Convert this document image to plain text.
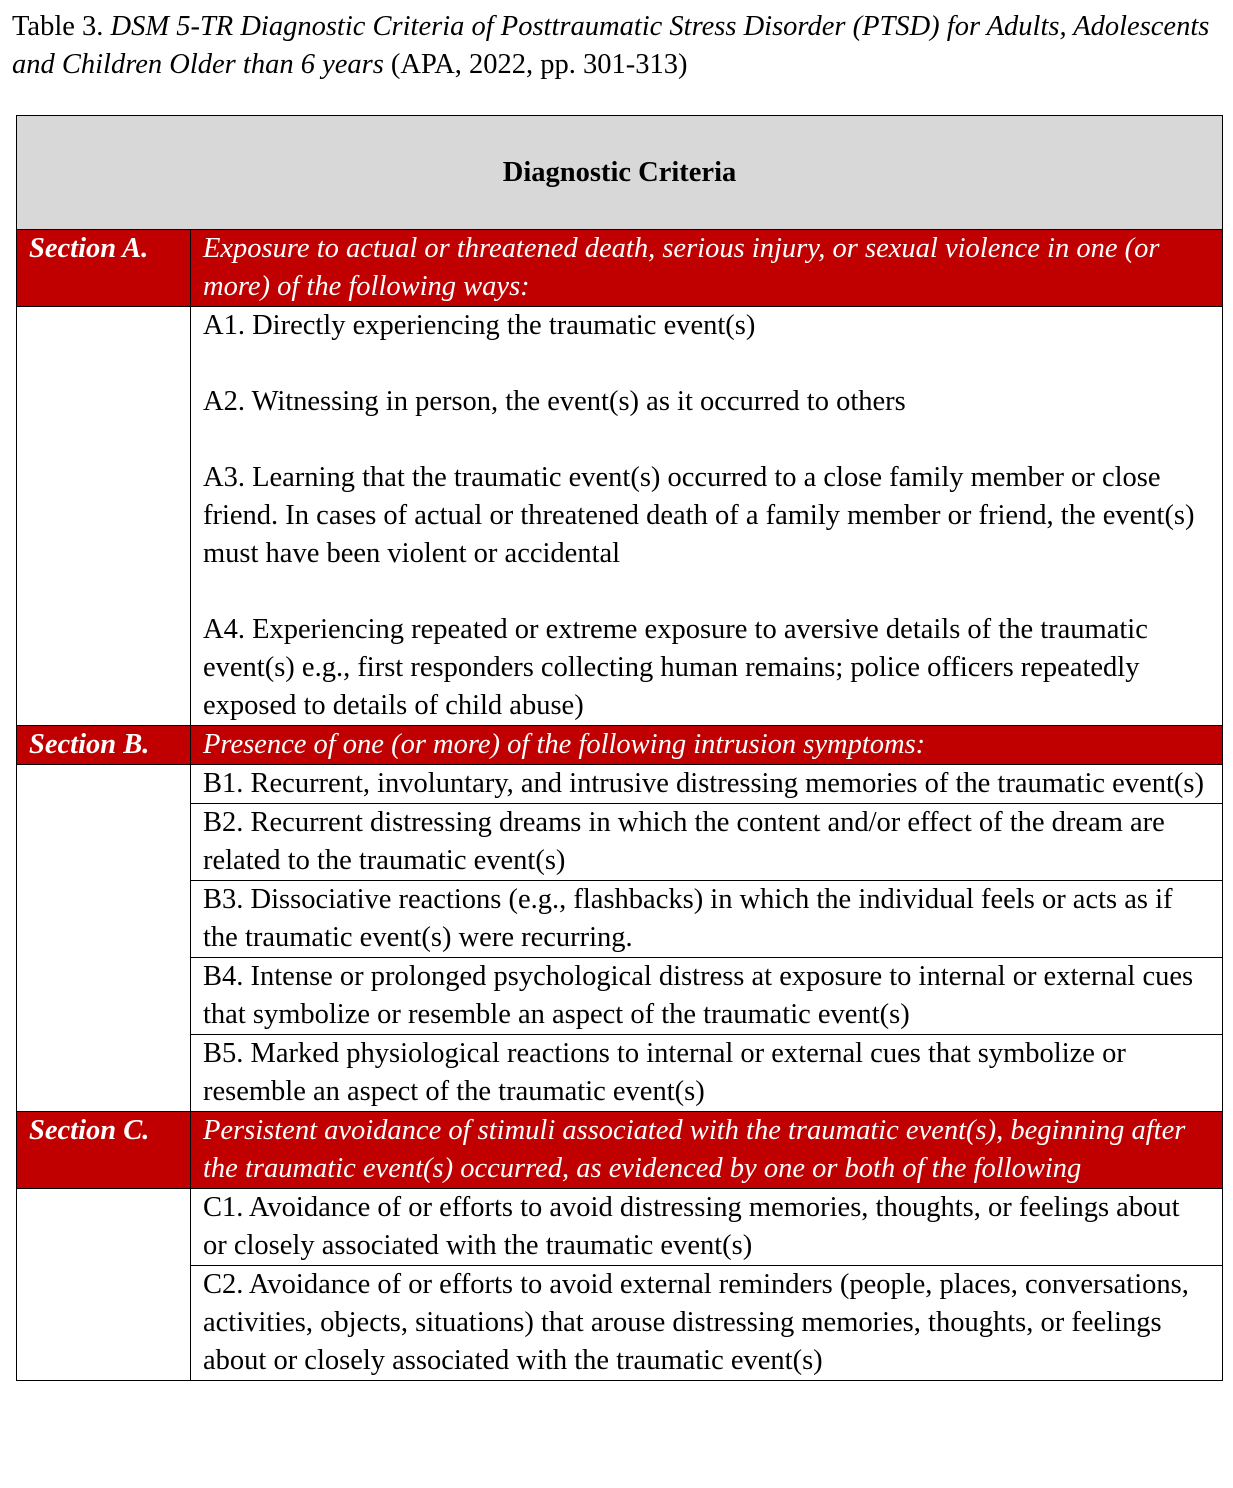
Table 3. DSM 5-TR Diagnostic Criteria of Posttraumatic Stress Disorder (PTSD) for Adults, Adolescents and Children Older than 6 years (APA, 2022, pp. 301-313)
Diagnostic Criteria	
Section A.	Exposure to actual or threatened death, serious injury, or sexual violence in one (or more) of the following ways:

	A1. Directly experiencing the traumatic event(s)
A2. Witnessing in person, the event(s) as it occurred to others
A3. Learning that the traumatic event(s) occurred to a close family member or close friend. In cases of actual or threatened death of a family member or friend, the event(s) must have been violent or accidental
A4. Experiencing repeated or extreme exposure to aversive details of the traumatic event(s) e.g., first responders collecting human remains; police officers repeatedly exposed to details of child abuse)

Section B.	Presence of one (or more) of the following intrusion symptoms:
	B1. Recurrent, involuntary, and intrusive distressing memories of the traumatic event(s)
	B2. Recurrent distressing dreams in which the content and/or effect of the dream are related to the traumatic event(s)
	B3. Dissociative reactions (e.g., flashbacks) in which the individual feels or acts as if the traumatic event(s) were recurring.
	B4. Intense or prolonged psychological distress at exposure to internal or external cues that symbolize or resemble an aspect of the traumatic event(s)
	B5. Marked physiological reactions to internal or external cues that symbolize or resemble an aspect of the traumatic event(s)
Section C.	Persistent avoidance of stimuli associated with the traumatic event(s), beginning after the traumatic event(s) occurred, as evidenced by one or both of the following
	C1. Avoidance of or efforts to avoid distressing memories, thoughts, or feelings about or closely associated with the traumatic event(s)
	C2. Avoidance of or efforts to avoid external reminders (people, places, conversations, activities, objects, situations) that arouse distressing memories, thoughts, or feelings about or closely associated with the traumatic event(s)
